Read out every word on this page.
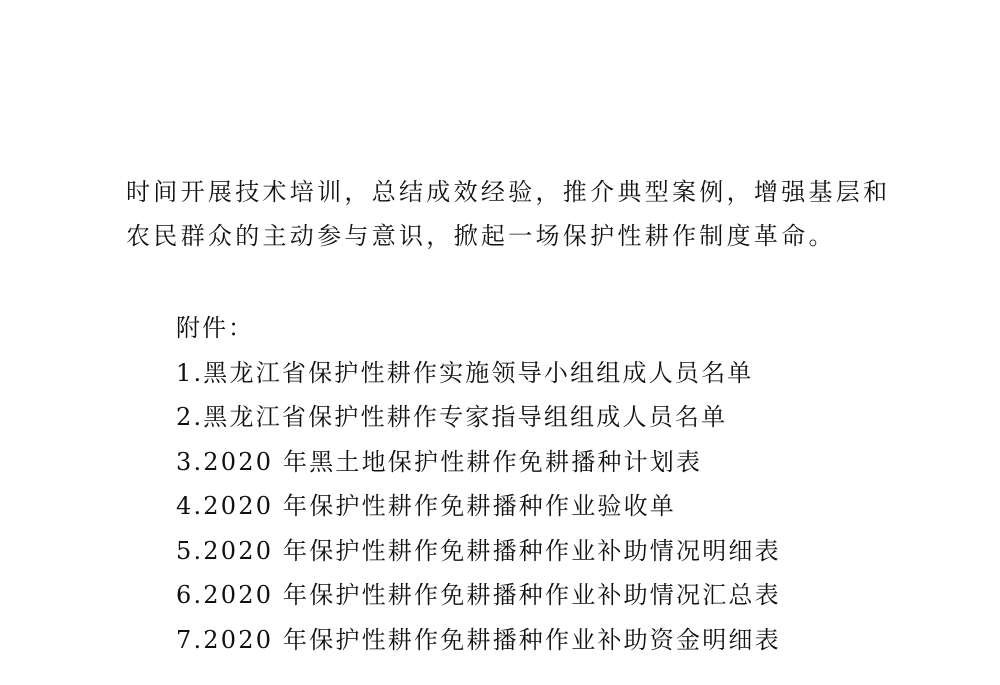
时间开展技术培训，总结成效经验，推介典型案例，增强基层和
农民群众的主动参与意识，掀起一场保护性耕作制度革命。
附件：
1.黑龙江省保护性耕作实施领导小组组成人员名单
2.黑龙江省保护性耕作专家指导组组成人员名单
3.2020 年黑土地保护性耕作免耕播种计划表
4.2020 年保护性耕作免耕播种作业验收单
5.2020 年保护性耕作免耕播种作业补助情况明细表
6.2020 年保护性耕作免耕播种作业补助情况汇总表
7.2020 年保护性耕作免耕播种作业补助资金明细表
